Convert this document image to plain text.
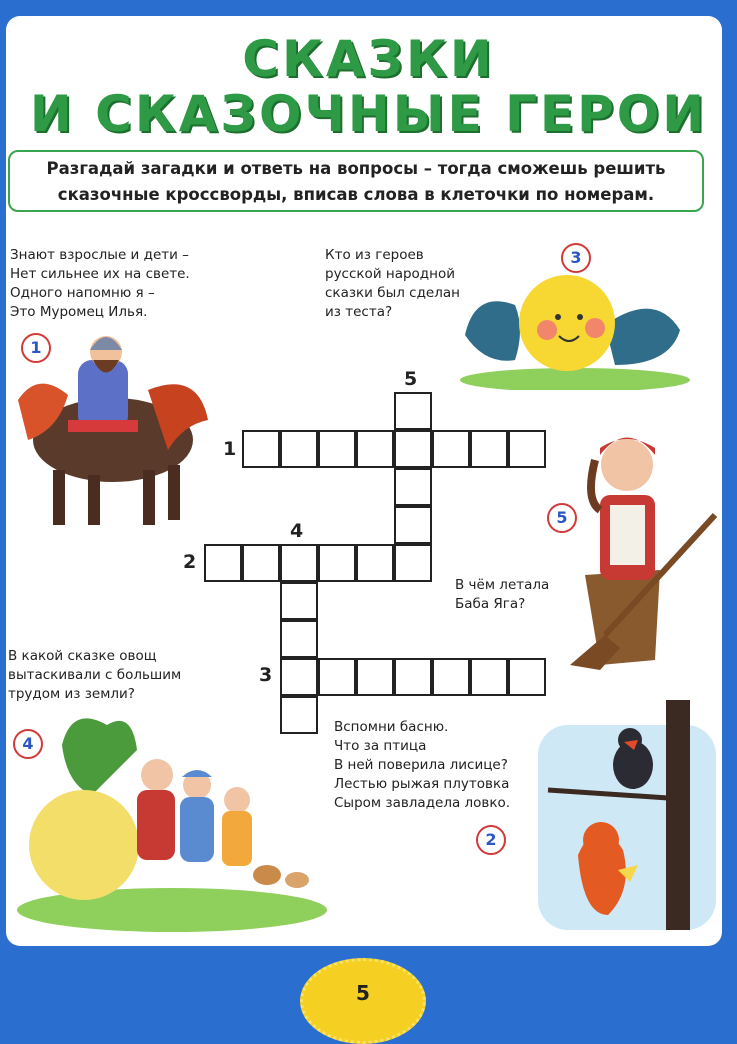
СКАЗКИ
И СКАЗОЧНЫЕ ГЕРОИ
Разгадай загадки и ответь на вопросы – тогда сможешь решить
сказочные кроссворды, вписав слова в клеточки по номерам.
Знают взрослые и дети –
Нет сильнее их на свете.
Одного напомню я –
Это Муромец Илья.
Кто из героев
русской народной
сказки был сделан
из теста?
В чём летала
Баба Яга?
В какой сказке овощ
вытаскивали с большим
трудом из земли?
Вспомни басню.
Что за птица
В ней поверила лисице?
Лестью рыжая плутовка
Сыром завладела ловко.
1
3
5
4
2
5
1
4
2
3
5
